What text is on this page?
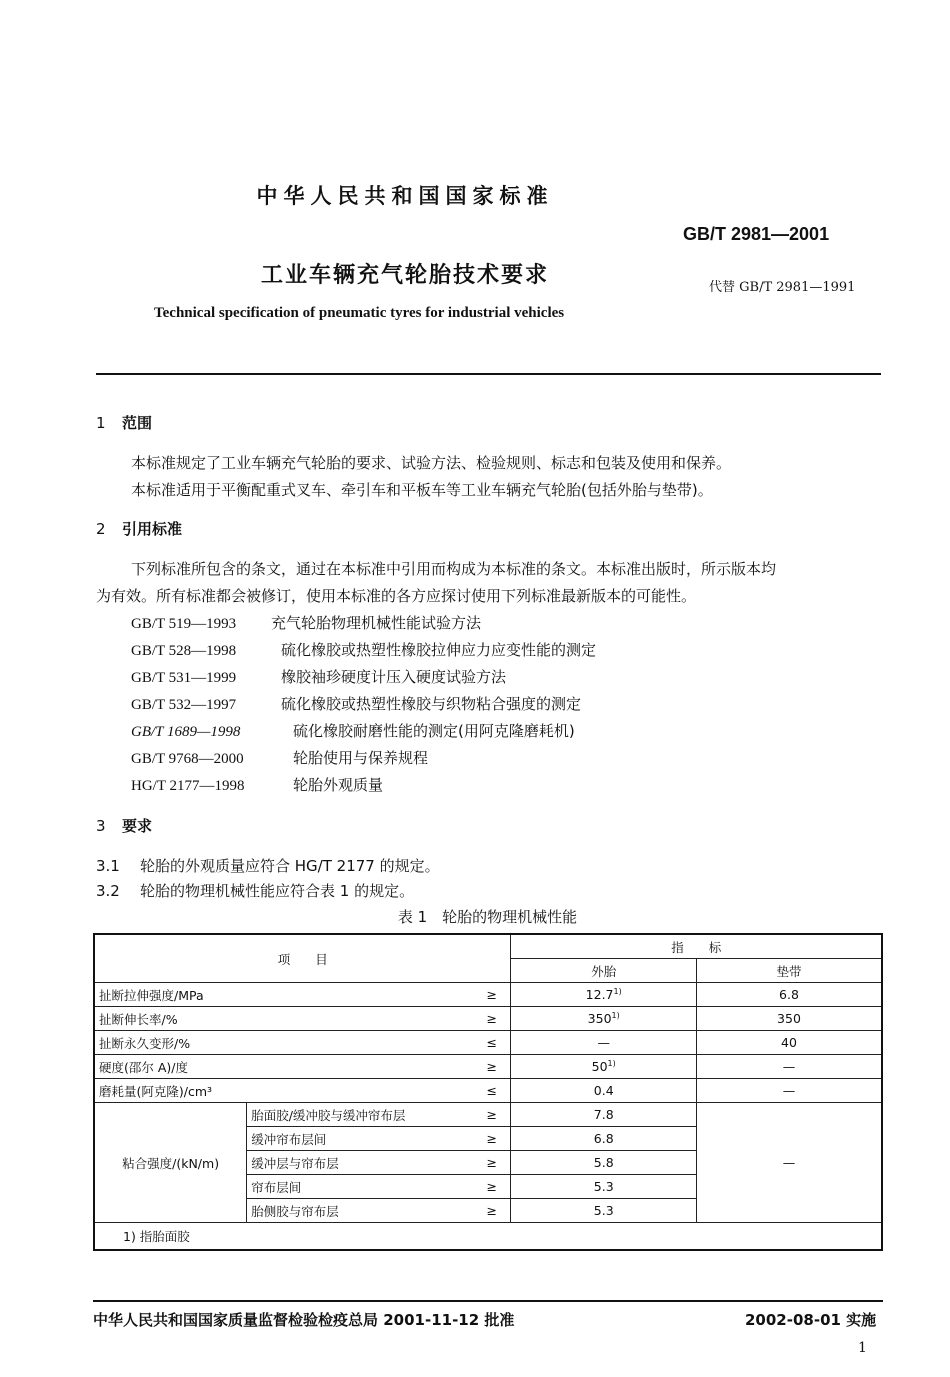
中华人民共和国国家标准
GB/T 2981—2001
工业车辆充气轮胎技术要求	代替 GB/T 2981—1991
Technical specification of pneumatic tyres for industrial vehicles
1 范围
本标准规定了工业车辆充气轮胎的要求、试验方法、检验规则、标志和包装及使用和保养。
本标准适用于平衡配重式叉车、牵引车和平板车等工业车辆充气轮胎(包括外胎与垫带)。
2 引用标准
下列标准所包含的条文，通过在本标准中引用而构成为本标准的条文。本标准出版时，所示版本均
为有效。所有标准都会被修订，使用本标准的各方应探讨使用下列标准最新版本的可能性。
GB/T 519—1993 充气轮胎物理机械性能试验方法
GB/T 528—1998	硫化橡胶或热塑性橡胶拉伸应力应变性能的测定
GB/T 531—1999	橡胶袖珍硬度计压入硬度试验方法
GB/T 532—1997	硫化橡胶或热塑性橡胶与织物粘合强度的测定
GB/T 1689—1998	硫化橡胶耐磨性能的测定(用阿克隆磨耗机)
GB/T 9768—2000	轮胎使用与保养规程
HG/T 2177—1998	轮胎外观质量
3 要求
3.1 轮胎的外观质量应符合 HG/T 2177 的规定。
3.2 轮胎的物理机械性能应符合表 1 的规定。
表 1　轮胎的物理机械性能
项　　目			指　　标	
			外胎	垫带
扯断拉伸强度/MPa		≥	$12.7^{1)}$	6.8
扯断伸长率/%		≥	$350^{1)}$	350
扯断永久变形/%		≤	—	40
硬度(邵尔 A)/度		≥	$50^{1)}$	—
磨耗量(阿克隆)/cm³		≤	0.4	—
粘合强度/(kN/m)	胎面胶/缓冲胶与缓冲帘布层	≥	7.8	—
	缓冲帘布层间	≥	6.8	
	缓冲层与帘布层	≥	5.8	
	帘布层间	≥	5.3	
	胎侧胶与帘布层	≥	5.3	
1) 指胎面胶				
中华人民共和国国家质量监督检验检疫总局 2001-11-12 批准	2002-08-01 实施
1
